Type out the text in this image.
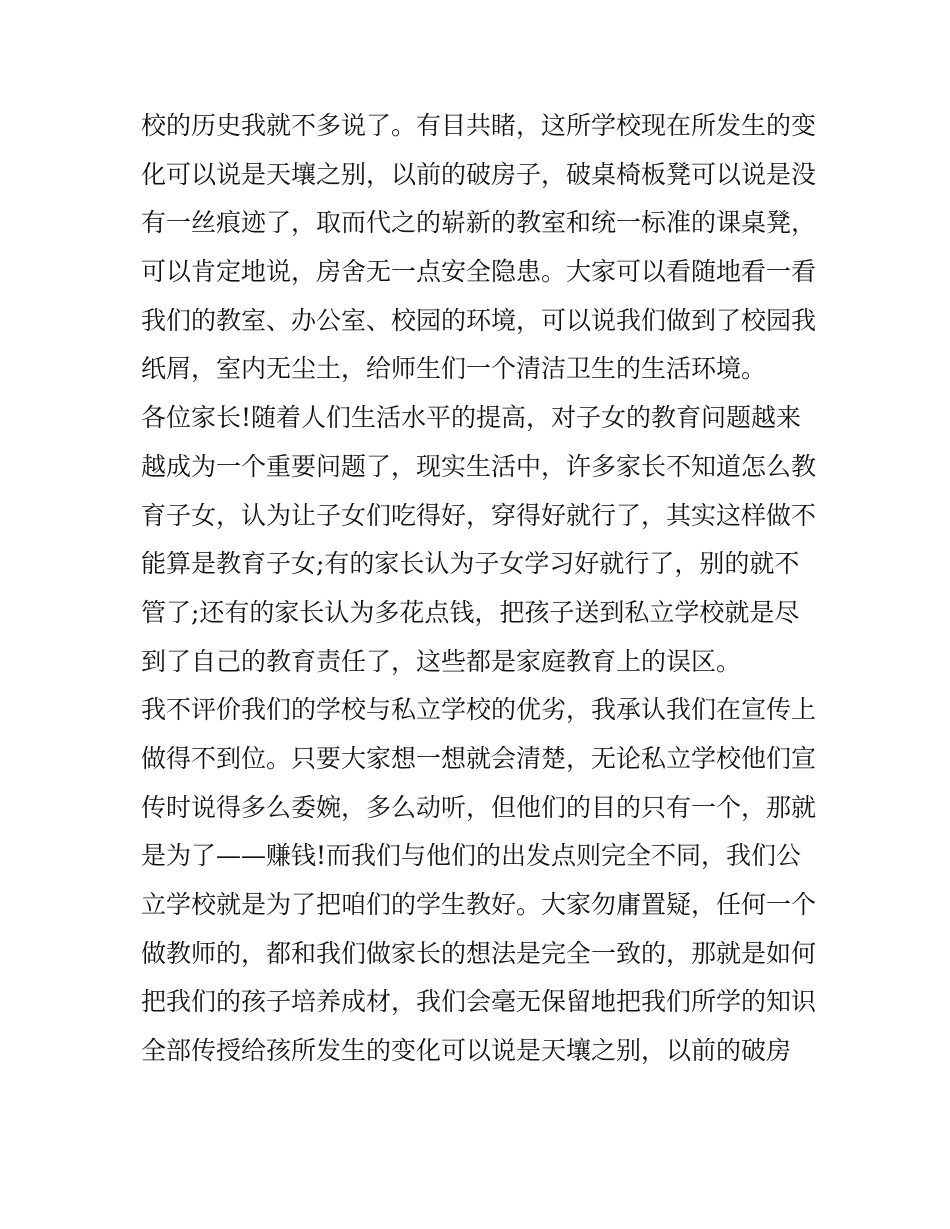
校的历史我就不多说了。有目共睹，这所学校现在所发生的变
化可以说是天壤之别，以前的破房子，破桌椅板凳可以说是没
有一丝痕迹了，取而代之的崭新的教室和统一标准的课桌凳，
可以肯定地说，房舍无一点安全隐患。大家可以看随地看一看
我们的教室、办公室、校园的环境，可以说我们做到了校园我
纸屑，室内无尘土，给师生们一个清洁卫生的生活环境。
各位家长!随着人们生活水平的提高，对子女的教育问题越来
越成为一个重要问题了，现实生活中，许多家长不知道怎么教
育子女，认为让子女们吃得好，穿得好就行了，其实这样做不
能算是教育子女;有的家长认为子女学习好就行了，别的就不
管了;还有的家长认为多花点钱，把孩子送到私立学校就是尽
到了自己的教育责任了，这些都是家庭教育上的误区。
我不评价我们的学校与私立学校的优劣，我承认我们在宣传上
做得不到位。只要大家想一想就会清楚，无论私立学校他们宣
传时说得多么委婉，多么动听，但他们的目的只有一个，那就
是为了——赚钱!而我们与他们的出发点则完全不同，我们公
立学校就是为了把咱们的学生教好。大家勿庸置疑，任何一个
做教师的，都和我们做家长的想法是完全一致的，那就是如何
把我们的孩子培养成材，我们会毫无保留地把我们所学的知识
全部传授给孩所发生的变化可以说是天壤之别，以前的破房
